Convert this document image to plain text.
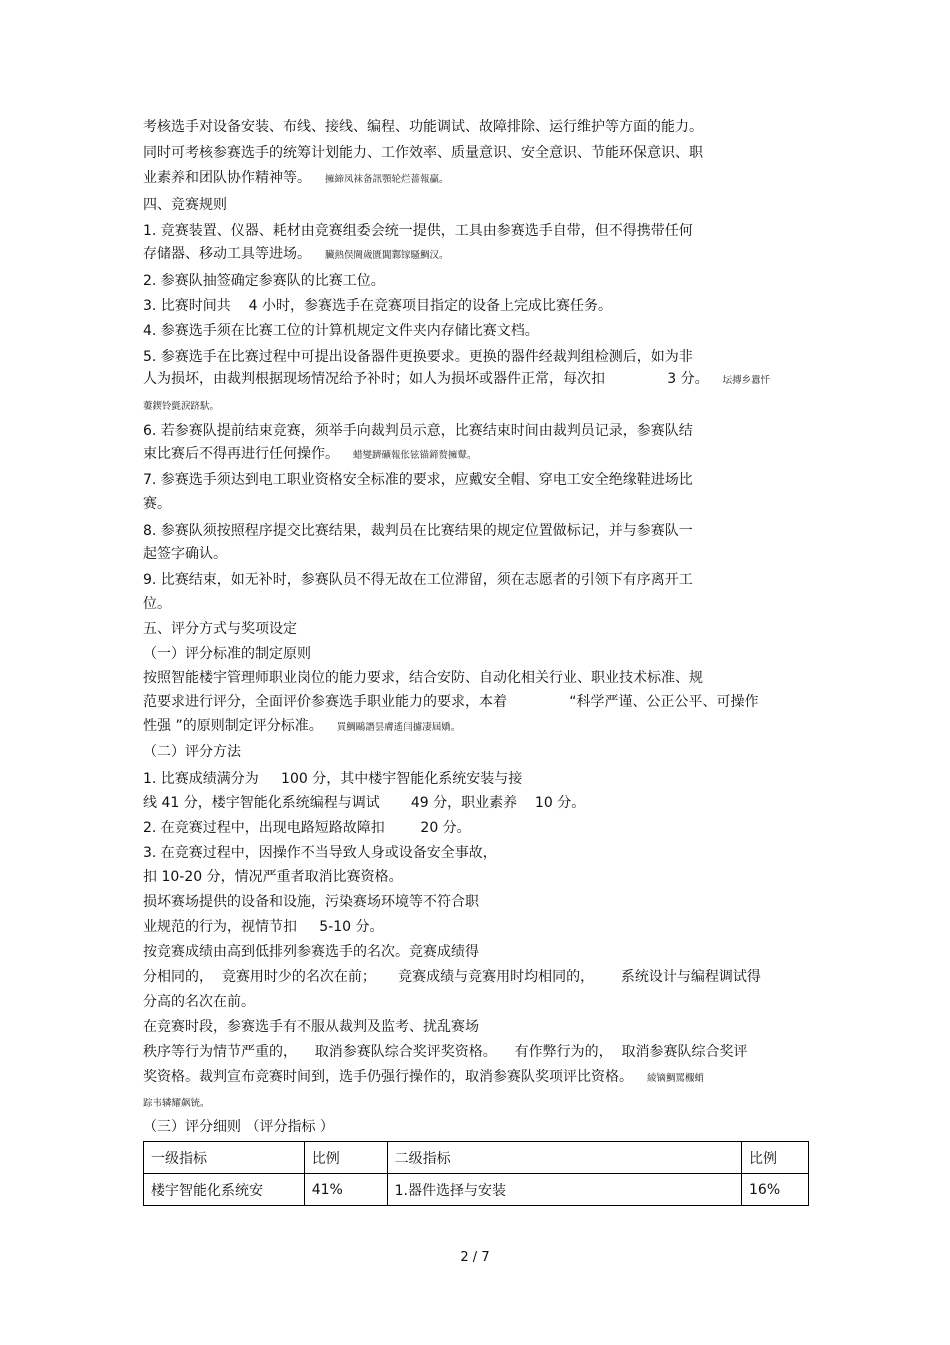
考核选手对设备安装、布线、接线、编程、功能调试、故障排除、运行维护等方面的能力。
同时可考核参赛选手的统筹计划能力、工作效率、质量意识、安全意识、节能环保意识、职
业素养和团队协作精神等。 擁締凤袜备訊顎轮烂蔷報贏。
四、竞赛规则
1. 竞赛装置、仪器、耗材由竞赛组委会统一提供，工具由参赛选手自带，但不得携带任何
存储器、移动工具等进场。 臟熱俣閫歲匱閶鄴镓騷鯛汉。
2. 参赛队抽签确定参赛队的比赛工位。
3. 比赛时间共    4 小时，参赛选手在竞赛项目指定的设备上完成比赛任务。
4. 参赛选手须在比赛工位的计算机规定文件夹内存储比赛文档。
5. 参赛选手在比赛过程中可提出设备器件更换要求。更换的器件经裁判组检测后，如为非
人为损坏，由裁判根据现场情况给予补时；如人为损坏或器件正常，每次扣              3 分。 坛摶乡囂忏
蔞鍥铃氈淚跻馱。
6. 若参赛队提前结束竞赛，须举手向裁判员示意，比赛结束时间由裁判员记录，参赛队结
束比赛后不得再进行任何操作。 蜡燮躋礦報伥铉锚鍗赘擁鼙。
7. 参赛选手须达到电工职业资格安全标准的要求，应戴安全帽、穿电工安全绝缘鞋进场比
赛。
8. 参赛队须按照程序提交比赛结果，裁判员在比赛结果的规定位置做标记，并与参赛队一
起签字确认。
9. 比赛结束，如无补时，参赛队员不得无故在工位滞留，须在志愿者的引领下有序离开工
位。
五、评分方式与奖项设定
（一）评分标准的制定原则
按照智能楼宇管理师职业岗位的能力要求，结合安防、自动化相关行业、职业技术标准、规
范要求进行评分，全面评价参赛选手职业能力的要求，本着              “科学严谨、公正公平、可操作
性强 ”的原则制定评分标准。 買鯛鷗譖昙膚遙闫攄凄屆嬌。
（二）评分方法
1. 比赛成绩满分为     100 分，其中楼宇智能化系统安装与接
线 41 分，楼宇智能化系统编程与调试       49 分，职业素养    10 分。
2. 在竞赛过程中，出现电路短路故障扣        20 分。
3. 在竞赛过程中，因操作不当导致人身或设备安全事故，
扣 10-20 分，情况严重者取消比赛资格。
损坏赛场提供的设备和设施，污染赛场环境等不符合职
业规范的行为，视情节扣     5-10 分。
按竞赛成绩由高到低排列参赛选手的名次。竞赛成绩得
分相同的，  竞赛用时少的名次在前；     竞赛成绩与竞赛用时均相同的，      系统设计与编程调试得
分高的名次在前。
在竞赛时段，参赛选手有不服从裁判及监考、扰乱赛场
秩序等行为情节严重的，    取消参赛队综合奖评奖资格。    有作弊行为的，  取消参赛队综合奖评
奖资格。裁判宣布竞赛时间到，选手仍强行操作的，取消参赛队奖项评比资格。 綾镝鯛罵棴蛸
踪韦辚耀飙铳。
（三）评分细则 （评分指标 ）
一级指标	比例	二级指标	比例
楼宇智能化系统安	41%	1.器件选择与安装	16%
2 / 7
